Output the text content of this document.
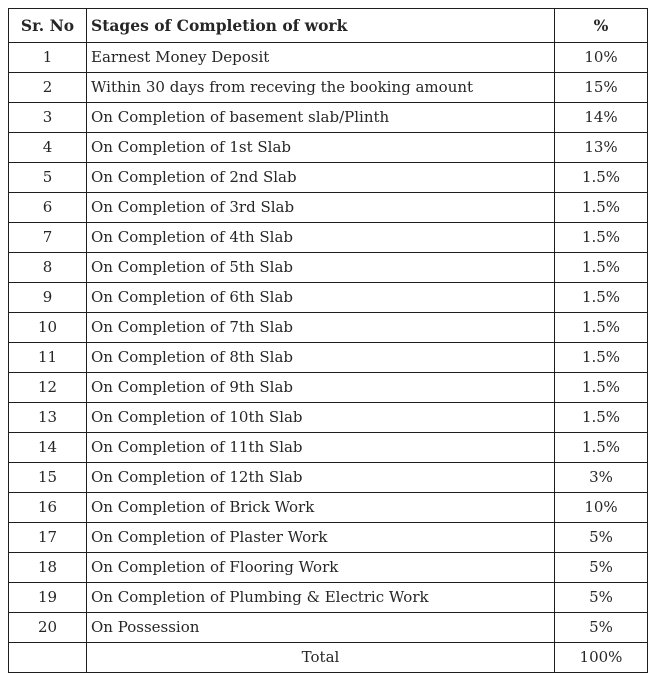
Sr. No	Stages of Completion of work	%
1	Earnest Money Deposit	10%
2	Within 30 days from receving the booking amount	15%
3	On Completion of basement slab/Plinth	14%
4	On Completion of 1st Slab	13%
5	On Completion of 2nd Slab	1.5%
6	On Completion of 3rd Slab	1.5%
7	On Completion of 4th Slab	1.5%
8	On Completion of 5th Slab	1.5%
9	On Completion of 6th Slab	1.5%
10	On Completion of 7th Slab	1.5%
11	On Completion of 8th Slab	1.5%
12	On Completion of 9th Slab	1.5%
13	On Completion of 10th Slab	1.5%
14	On Completion of 11th Slab	1.5%
15	On Completion of 12th Slab	3%
16	On Completion of Brick Work	10%
17	On Completion of Plaster Work	5%
18	On Completion of Flooring Work	5%
19	On Completion of Plumbing & Electric Work	5%
20	On Possession	5%
	Total	100%
